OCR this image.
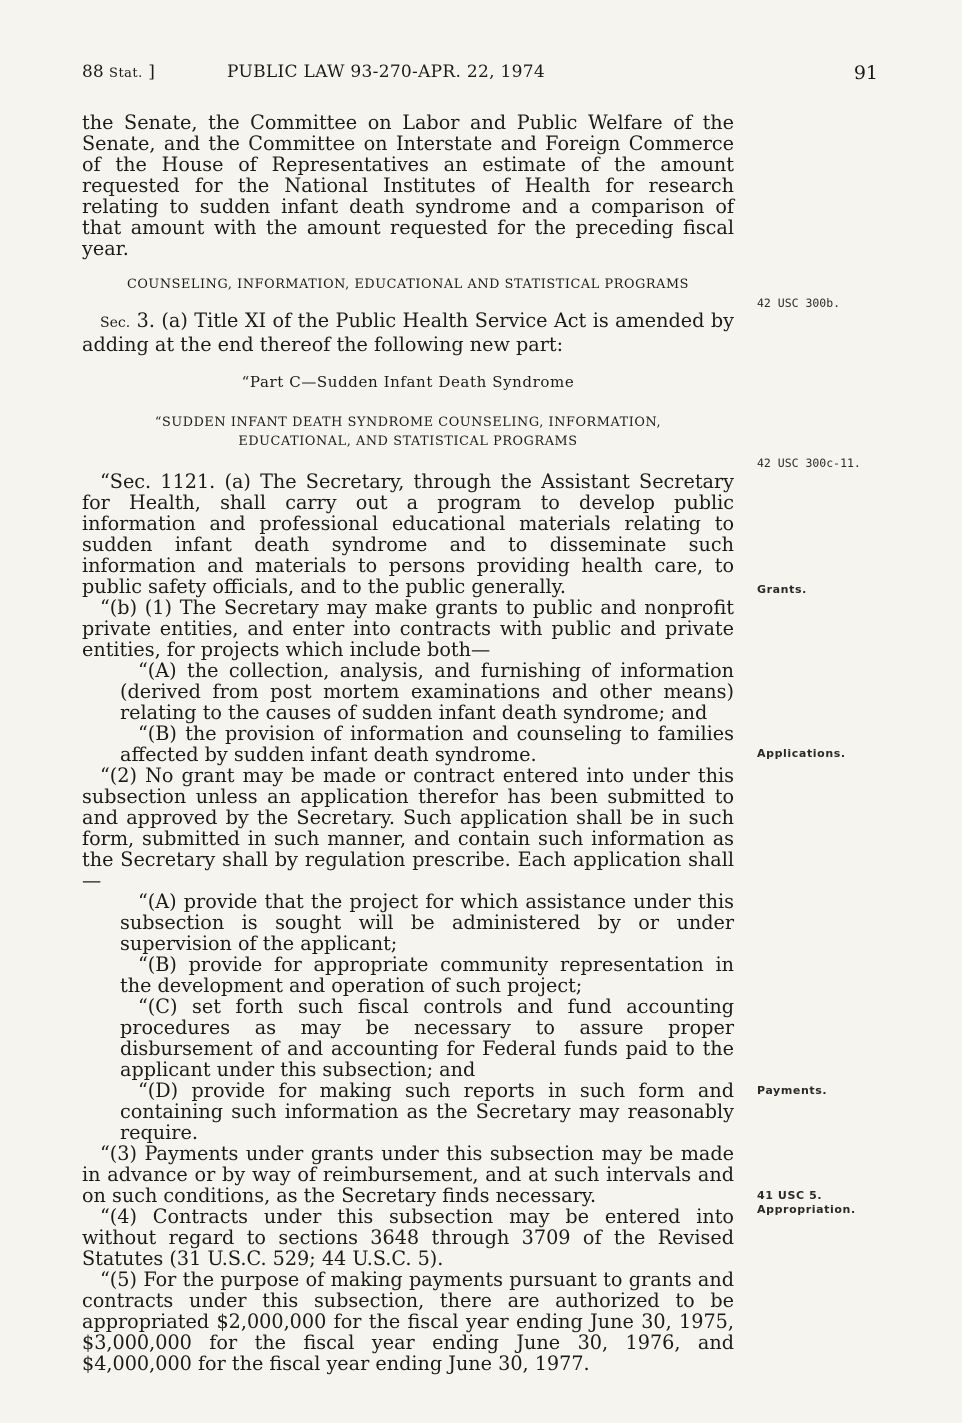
88 Stat. ]	PUBLIC LAW 93-270-APR. 22, 1974	91

the Senate, the Committee on Labor and Public Welfare of the Senate, and the Committee on Interstate and Foreign Commerce of the House of Representatives an estimate of the amount requested for the National Institutes of Health for research relating to sudden infant death syndrome and a comparison of that amount with the amount requested for the preceding fiscal year.

COUNSELING, INFORMATION, EDUCATIONAL AND STATISTICAL PROGRAMS

Sec. 3. (a) Title XI of the Public Health Service Act is amended by adding at the end thereof the following new part:

“Part C—Sudden Infant Death Syndrome

“SUDDEN INFANT DEATH SYNDROME COUNSELING, INFORMATION,

EDUCATIONAL, AND STATISTICAL PROGRAMS

“Sec. 1121. (a) The Secretary, through the Assistant Secretary for Health, shall carry out a program to develop public information and professional educational materials relating to sudden infant death syndrome and to disseminate such information and materials to persons providing health care, to public safety officials, and to the public generally.

“(b) (1) The Secretary may make grants to public and nonprofit private entities, and enter into contracts with public and private entities, for projects which include both—

“(A) the collection, analysis, and furnishing of information (derived from post mortem examinations and other means) relating to the causes of sudden infant death syndrome; and

“(B) the provision of information and counseling to families affected by sudden infant death syndrome.

“(2) No grant may be made or contract entered into under this subsection unless an application therefor has been submitted to and approved by the Secretary. Such application shall be in such form, submitted in such manner, and contain such information as the Secretary shall by regulation prescribe. Each application shall—

“(A) provide that the project for which assistance under this subsection is sought will be administered by or under supervision of the applicant;

“(B) provide for appropriate community representation in the development and operation of such project;

“(C) set forth such fiscal controls and fund accounting procedures as may be necessary to assure proper disbursement of and accounting for Federal funds paid to the applicant under this subsection; and

“(D) provide for making such reports in such form and containing such information as the Secretary may reasonably require.

“(3) Payments under grants under this subsection may be made in advance or by way of reimbursement, and at such intervals and on such conditions, as the Secretary finds necessary.

“(4) Contracts under this subsection may be entered into without regard to sections 3648 through 3709 of the Revised Statutes (31 U.S.C. 529; 44 U.S.C. 5).

“(5) For the purpose of making payments pursuant to grants and contracts under this subsection, there are authorized to be appropriated $2,000,000 for the fiscal year ending June 30, 1975, $3,000,000 for the fiscal year ending June 30, 1976, and $4,000,000 for the fiscal year ending June 30, 1977.

42 USC 300b.
42 USC 300c-11.
Grants.
Applications.
Payments.
41 USC 5.
Appropriation.
